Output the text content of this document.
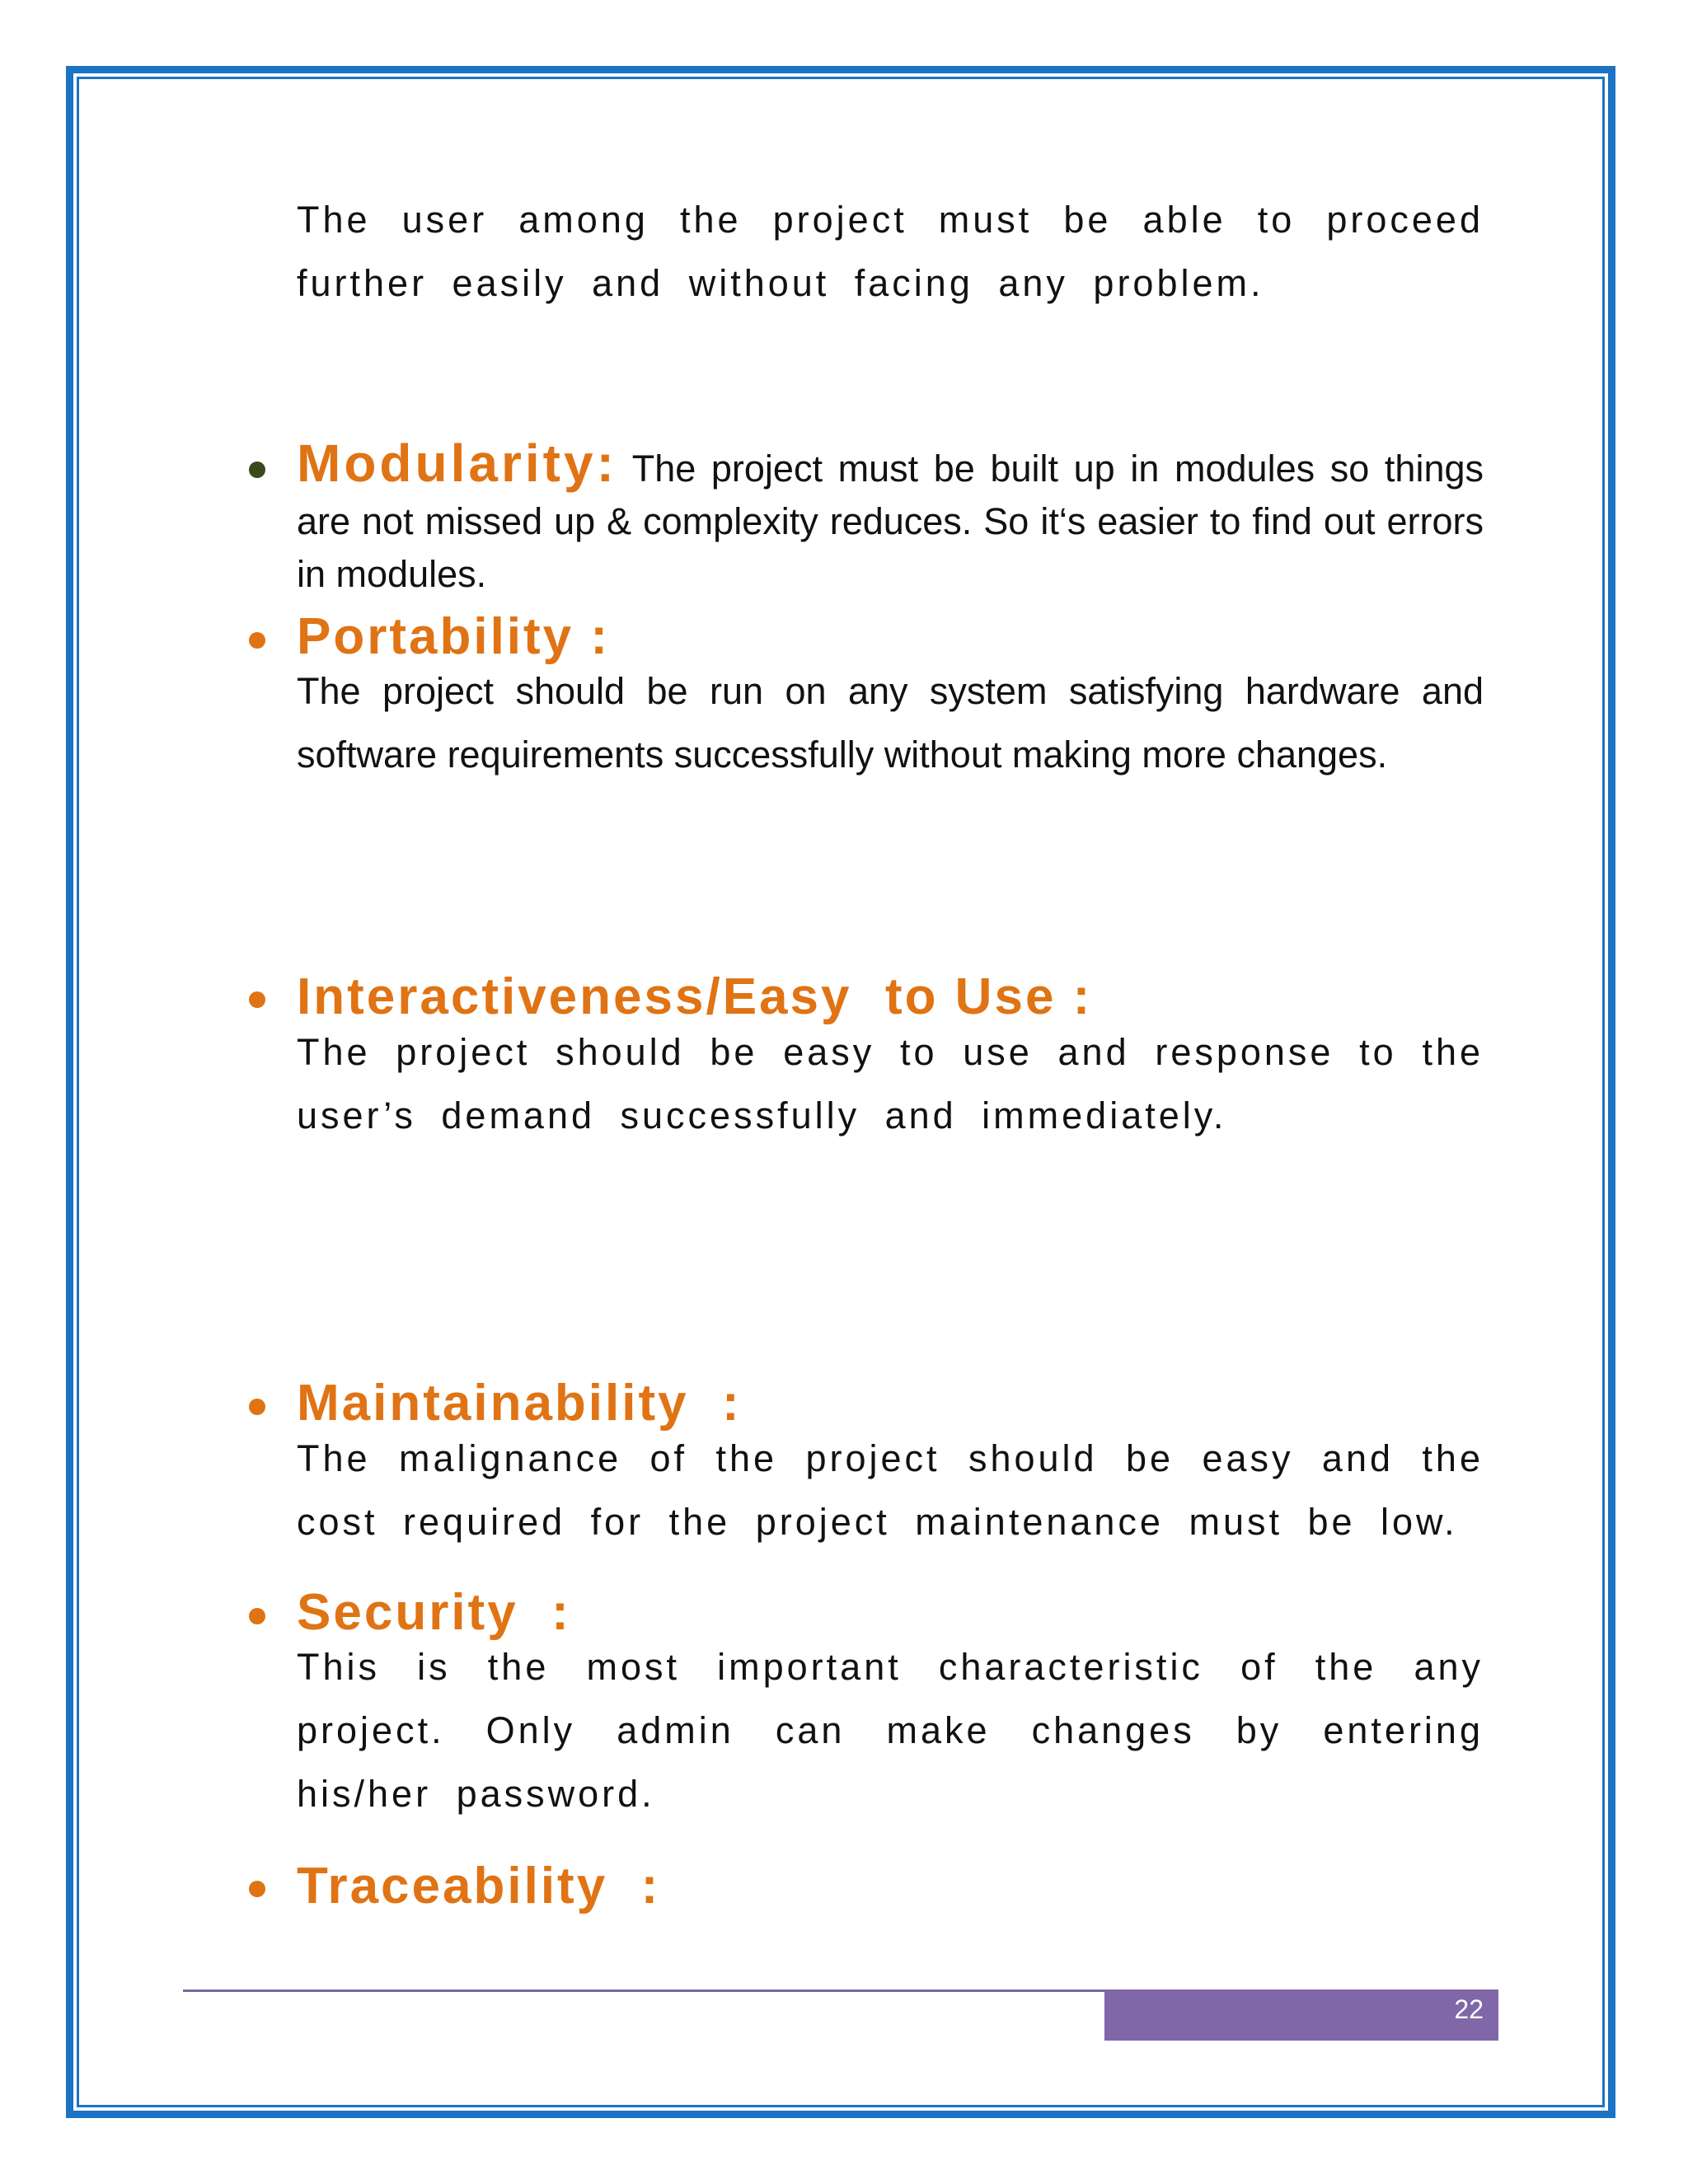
The user among the project must be able to proceed further easily and without facing any problem.

Modularity: The project must be built up in modules so things are not missed up & complexity reduces. So it‘s easier to find out errors in modules.

Portability :

The project should be run on any system satisfying hardware and software requirements successfully without making more changes.

Interactiveness/Easy  to Use :

The project should be easy to use and response to the user’s demand successfully and immediately.

Maintainability  :

The malignance of the project should be easy and the cost required for the project maintenance must be low.

Security  :

This is the most important characteristic of the any project. Only admin can make changes by entering his/her password.

Traceability  :
22
